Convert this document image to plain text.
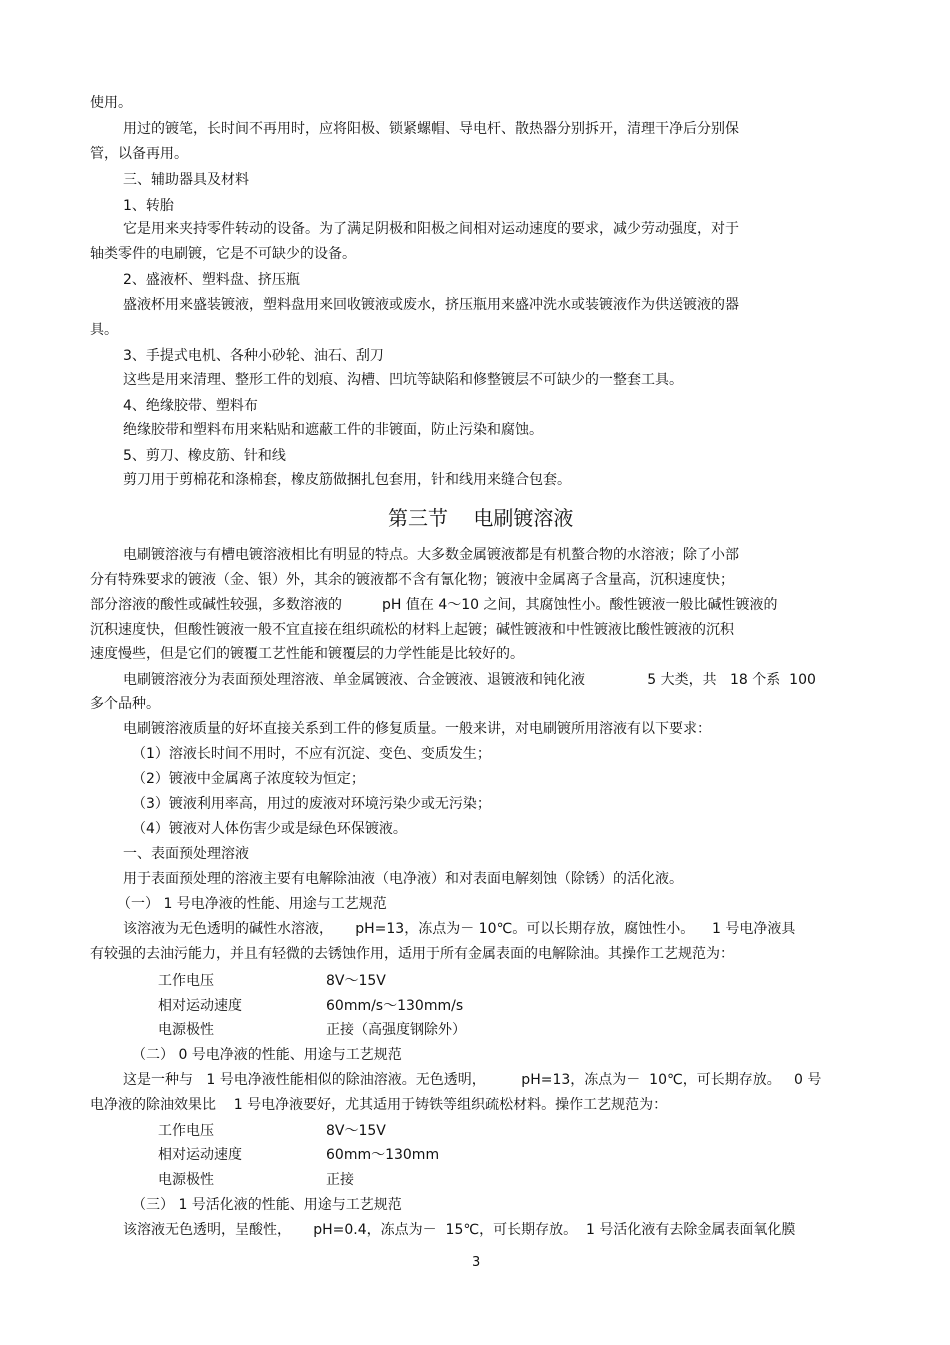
使用。
用过的镀笔，长时间不再用时，应将阳极、锁紧螺帽、导电杆、散热器分别拆开，清理干净后分别保
管，以备再用。
三、辅助器具及材料
1、转胎
它是用来夹持零件转动的设备。为了满足阴极和阳极之间相对运动速度的要求，减少劳动强度，对于
轴类零件的电刷镀，它是不可缺少的设备。
2、盛液杯、塑料盘、挤压瓶
盛液杯用来盛装镀液，塑料盘用来回收镀液或废水，挤压瓶用来盛冲洗水或装镀液作为供送镀液的器
具。
3、手提式电机、各种小砂轮、油石、刮刀
这些是用来清理、整形工件的划痕、沟槽、凹坑等缺陷和修整镀层不可缺少的一整套工具。
4、绝缘胶带、塑料布
绝缘胶带和塑料布用来粘贴和遮蔽工件的非镀面，防止污染和腐蚀。
5、剪刀、橡皮筋、针和线
剪刀用于剪棉花和涤棉套，橡皮筋做捆扎包套用，针和线用来缝合包套。
第三节    电刷镀溶液
电刷镀溶液与有槽电镀溶液相比有明显的特点。大多数金属镀液都是有机螯合物的水溶液；除了小部
分有特殊要求的镀液（金、银）外，其余的镀液都不含有氰化物；镀液中金属离子含量高，沉积速度快；
部分溶液的酸性或碱性较强，多数溶液的         pH 值在 4～10 之间，其腐蚀性小。酸性镀液一般比碱性镀液的
沉积速度快，但酸性镀液一般不宜直接在组织疏松的材料上起镀；碱性镀液和中性镀液比酸性镀液的沉积
速度慢些，但是它们的镀覆工艺性能和镀覆层的力学性能是比较好的。
电刷镀溶液分为表面预处理溶液、单金属镀液、合金镀液、退镀液和钝化液              5 大类，共   18 个系  100
多个品种。
电刷镀溶液质量的好坏直接关系到工件的修复质量。一般来讲，对电刷镀所用溶液有以下要求：
（1）溶液长时间不用时，不应有沉淀、变色、变质发生；
（2）镀液中金属离子浓度较为恒定；
（3）镀液利用率高，用过的废液对环境污染少或无污染；
（4）镀液对人体伤害少或是绿色环保镀液。
一、表面预处理溶液
用于表面预处理的溶液主要有电解除油液（电净液）和对表面电解刻蚀（除锈）的活化液。
（一） 1 号电净液的性能、用途与工艺规范
该溶液为无色透明的碱性水溶液，     pH=13，冻点为－ 10℃。可以长期存放，腐蚀性小。    1 号电净液具
有较强的去油污能力，并且有轻微的去锈蚀作用，适用于所有金属表面的电解除油。其操作工艺规范为：
工作电压	8V～15V
相对运动速度	60mm/s～130mm/s
电源极性	正接（高强度钢除外）
（二） 0 号电净液的性能、用途与工艺规范
这是一种与   1 号电净液性能相似的除油溶液。无色透明，        pH=13，冻点为－  10℃，可长期存放。   0 号
电净液的除油效果比    1 号电净液要好，尤其适用于铸铁等组织疏松材料。操作工艺规范为：
工作电压	8V～15V
相对运动速度	60mm～130mm
电源极性	正接
（三） 1 号活化液的性能、用途与工艺规范
该溶液无色透明，呈酸性，     pH=0.4，冻点为－  15℃，可长期存放。  1 号活化液有去除金属表面氧化膜
3
